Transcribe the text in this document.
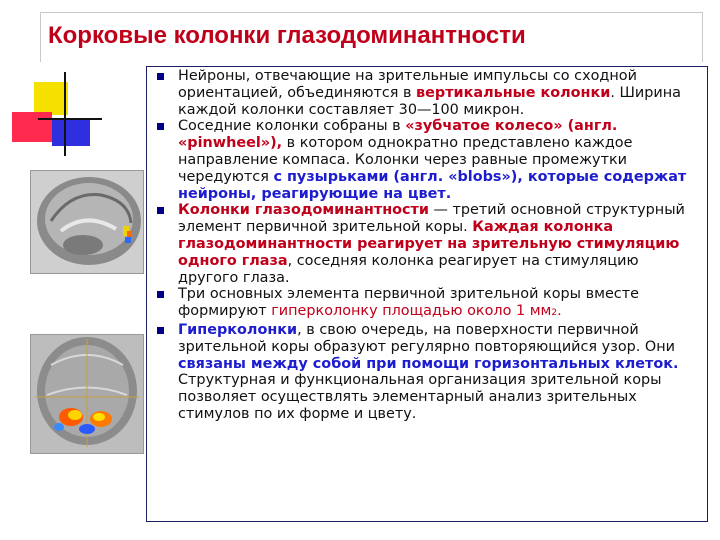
Корковые колонки глазодоминантности
Нейроны, отвечающие на зрительные импульсы со сходной ориентацией, объединяются в вертикальные колонки. Ширина каждой колонки составляет 30—100 микрон.
Соседние колонки собраны в «зубчатое колесо» (англ. «pinwheel»), в котором однократно представлено каждое направление компаса. Колонки через равные промежутки чередуются с пузырьками (англ. «blobs»), которые содержат нейроны, реагирующие на цвет.
Колонки глазодоминантности — третий основной структурный элемент первичной зрительной коры. Каждая колонка глазодоминантности реагирует на зрительную стимуляцию одного глаза, соседняя колонка реагирует на стимуляцию другого глаза.
Три основных элемента первичной зрительной коры вместе формируют гиперколонку площадью около 1 мм2.
Гиперколонки, в свою очередь, на поверхности первичной зрительной коры образуют регулярно повторяющийся узор. Они связаны между собой при помощи горизонтальных клеток. Структурная и функциональная организация зрительной коры позволяет осуществлять элементарный анализ зрительных стимулов по их форме и цвету.
